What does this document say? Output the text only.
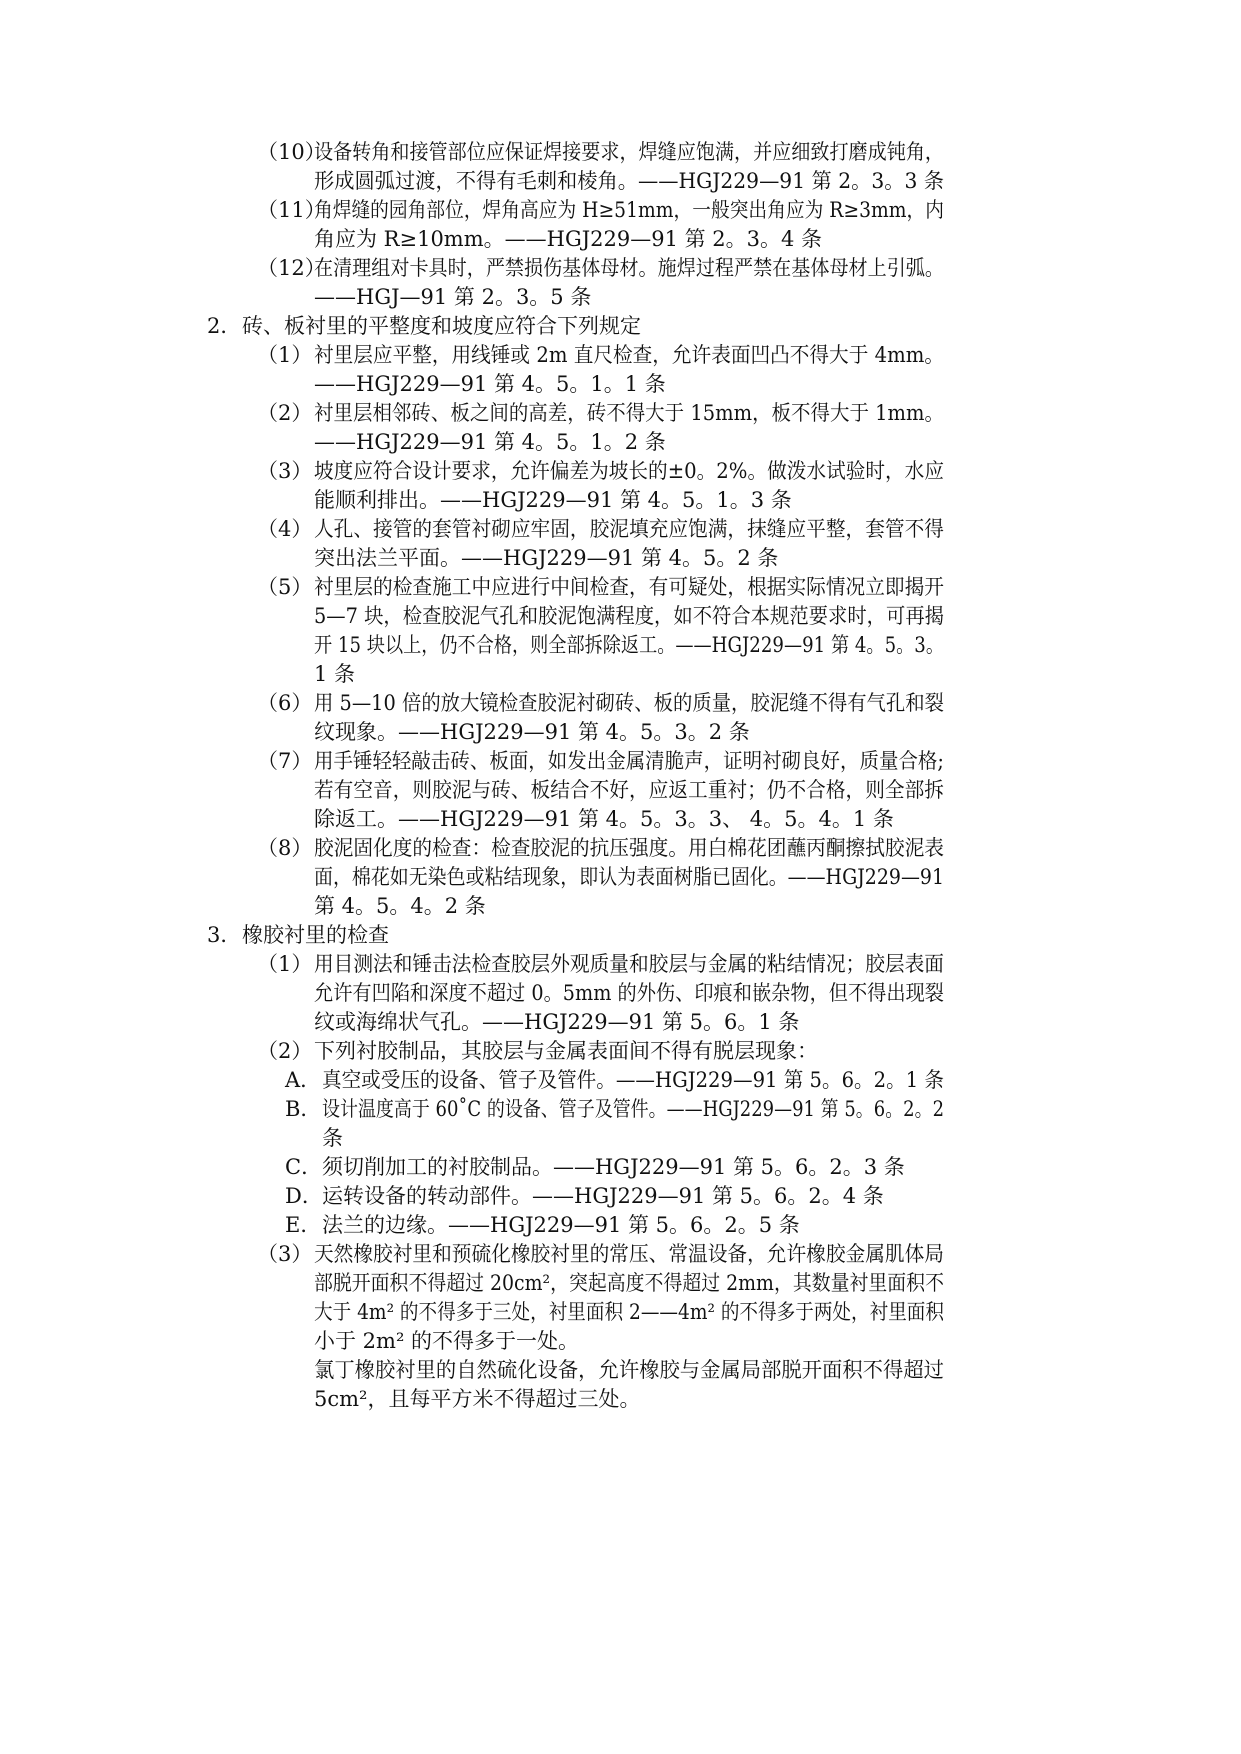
（10）
设备转角和接管部位应保证焊接要求，焊缝应饱满，并应细致打磨成钝角，
形成圆弧过渡，不得有毛刺和棱角。——HGJ229—91 第 2。3。3 条
（11）
角焊缝的园角部位，焊角高应为 H≥51mm，一般突出角应为 R≥3mm，内
角应为 R≥10mm。——HGJ229—91 第 2。3。4 条
（12）
在清理组对卡具时，严禁损伤基体母材。施焊过程严禁在基体母材上引弧。
——HGJ—91 第 2。3。5 条
2． 砖、板衬里的平整度和坡度应符合下列规定
（1） 衬里层应平整，用线锤或 2m 直尺检查，允许表面凹凸不得大于 4mm。
——HGJ229—91 第 4。5。1。1 条
（2） 衬里层相邻砖、板之间的高差，砖不得大于 15mm，板不得大于 1mm。
——HGJ229—91 第 4。5。1。2 条
（3） 坡度应符合设计要求，允许偏差为坡长的±0。2%。做泼水试验时，水应
能顺利排出。——HGJ229—91 第 4。5。1。3 条
（4） 人孔、接管的套管衬砌应牢固，胶泥填充应饱满，抹缝应平整，套管不得
突出法兰平面。——HGJ229—91 第 4。5。2 条
（5） 衬里层的检查施工中应进行中间检查，有可疑处，根据实际情况立即揭开
5—7 块，检查胶泥气孔和胶泥饱满程度，如不符合本规范要求时，可再揭
开 15 块以上，仍不合格，则全部拆除返工。——HGJ229—91 第 4。5。3。
1 条
（6） 用 5—10 倍的放大镜检查胶泥衬砌砖、板的质量，胶泥缝不得有气孔和裂
纹现象。——HGJ229—91 第 4。5。3。2 条
（7） 用手锤轻轻敲击砖、板面，如发出金属清脆声，证明衬砌良好，质量合格;
若有空音，则胶泥与砖、板结合不好，应返工重衬；仍不合格，则全部拆
除返工。——HGJ229—91 第 4。5。3。3、 4。5。4。1 条
（8） 胶泥固化度的检查：检查胶泥的抗压强度。用白棉花团蘸丙酮擦拭胶泥表
面，棉花如无染色或粘结现象，即认为表面树脂已固化。——HGJ229—91
第 4。5。4。2 条
3． 橡胶衬里的检查
（1） 用目测法和锤击法检查胶层外观质量和胶层与金属的粘结情况；胶层表面
允许有凹陷和深度不超过 0。5mm 的外伤、印痕和嵌杂物，但不得出现裂
纹或海绵状气孔。——HGJ229—91 第 5。6。1 条
（2） 下列衬胶制品，其胶层与金属表面间不得有脱层现象：
A． 真空或受压的设备、管子及管件。——HGJ229—91 第 5。6。2。1 条
B． 设计温度高于 60˚C 的设备、管子及管件。——HGJ229—91 第 5。6。2。2
条
C． 须切削加工的衬胶制品。——HGJ229—91 第 5。6。2。3 条
D． 运转设备的转动部件。——HGJ229—91 第 5。6。2。4 条
E． 法兰的边缘。——HGJ229—91 第 5。6。2。5 条
（3） 天然橡胶衬里和预硫化橡胶衬里的常压、常温设备，允许橡胶金属肌体局
部脱开面积不得超过 20cm²，突起高度不得超过 2mm，其数量衬里面积不
大于 4m² 的不得多于三处，衬里面积 2——4m² 的不得多于两处，衬里面积
小于 2m² 的不得多于一处。
氯丁橡胶衬里的自然硫化设备，允许橡胶与金属局部脱开面积不得超过
5cm²，且每平方米不得超过三处。
